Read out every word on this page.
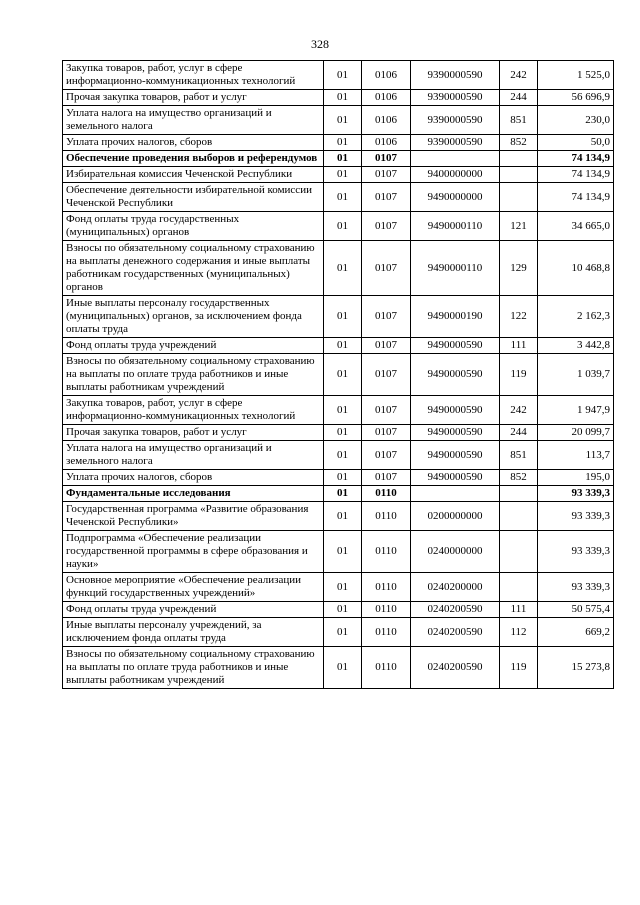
328
Закупка товаров, работ, услуг в сфере информационно-коммуникационных технологий	01	0106	9390000590	242	1 525,0
Прочая закупка товаров, работ и услуг	01	0106	9390000590	244	56 696,9
Уплата налога на имущество организаций и земельного налога	01	0106	9390000590	851	230,0
Уплата прочих налогов, сборов	01	0106	9390000590	852	50,0
Обеспечение проведения выборов и референдумов	01	0107			74 134,9
Избирательная комиссия Чеченской Республики	01	0107	9400000000		74 134,9
Обеспечение деятельности избирательной комиссии Чеченской Республики	01	0107	9490000000		74 134,9
Фонд оплаты труда государственных (муниципальных) органов	01	0107	9490000110	121	34 665,0
Взносы по обязательному социальному страхованию на выплаты денежного содержания и иные выплаты работникам государственных (муниципальных) органов	01	0107	9490000110	129	10 468,8
Иные выплаты персоналу государственных (муниципальных) органов, за исключением фонда оплаты труда	01	0107	9490000190	122	2 162,3
Фонд оплаты труда учреждений	01	0107	9490000590	111	3 442,8
Взносы по обязательному социальному страхованию на выплаты по оплате труда работников и иные выплаты работникам учреждений	01	0107	9490000590	119	1 039,7
Закупка товаров, работ, услуг в сфере информационно-коммуникационных технологий	01	0107	9490000590	242	1 947,9
Прочая закупка товаров, работ и услуг	01	0107	9490000590	244	20 099,7
Уплата налога на имущество организаций и земельного налога	01	0107	9490000590	851	113,7
Уплата прочих налогов, сборов	01	0107	9490000590	852	195,0
Фундаментальные исследования	01	0110			93 339,3
Государственная программа «Развитие образования Чеченской Республики»	01	0110	0200000000		93 339,3
Подпрограмма «Обеспечение реализации государственной программы в сфере образования и науки»	01	0110	0240000000		93 339,3
Основное мероприятие «Обеспечение реализации функций государственных учреждений»	01	0110	0240200000		93 339,3
Фонд оплаты труда учреждений	01	0110	0240200590	111	50 575,4
Иные выплаты персоналу учреждений, за исключением фонда оплаты труда	01	0110	0240200590	112	669,2
Взносы по обязательному социальному страхованию на выплаты по оплате труда работников и иные выплаты работникам учреждений	01	0110	0240200590	119	15 273,8
